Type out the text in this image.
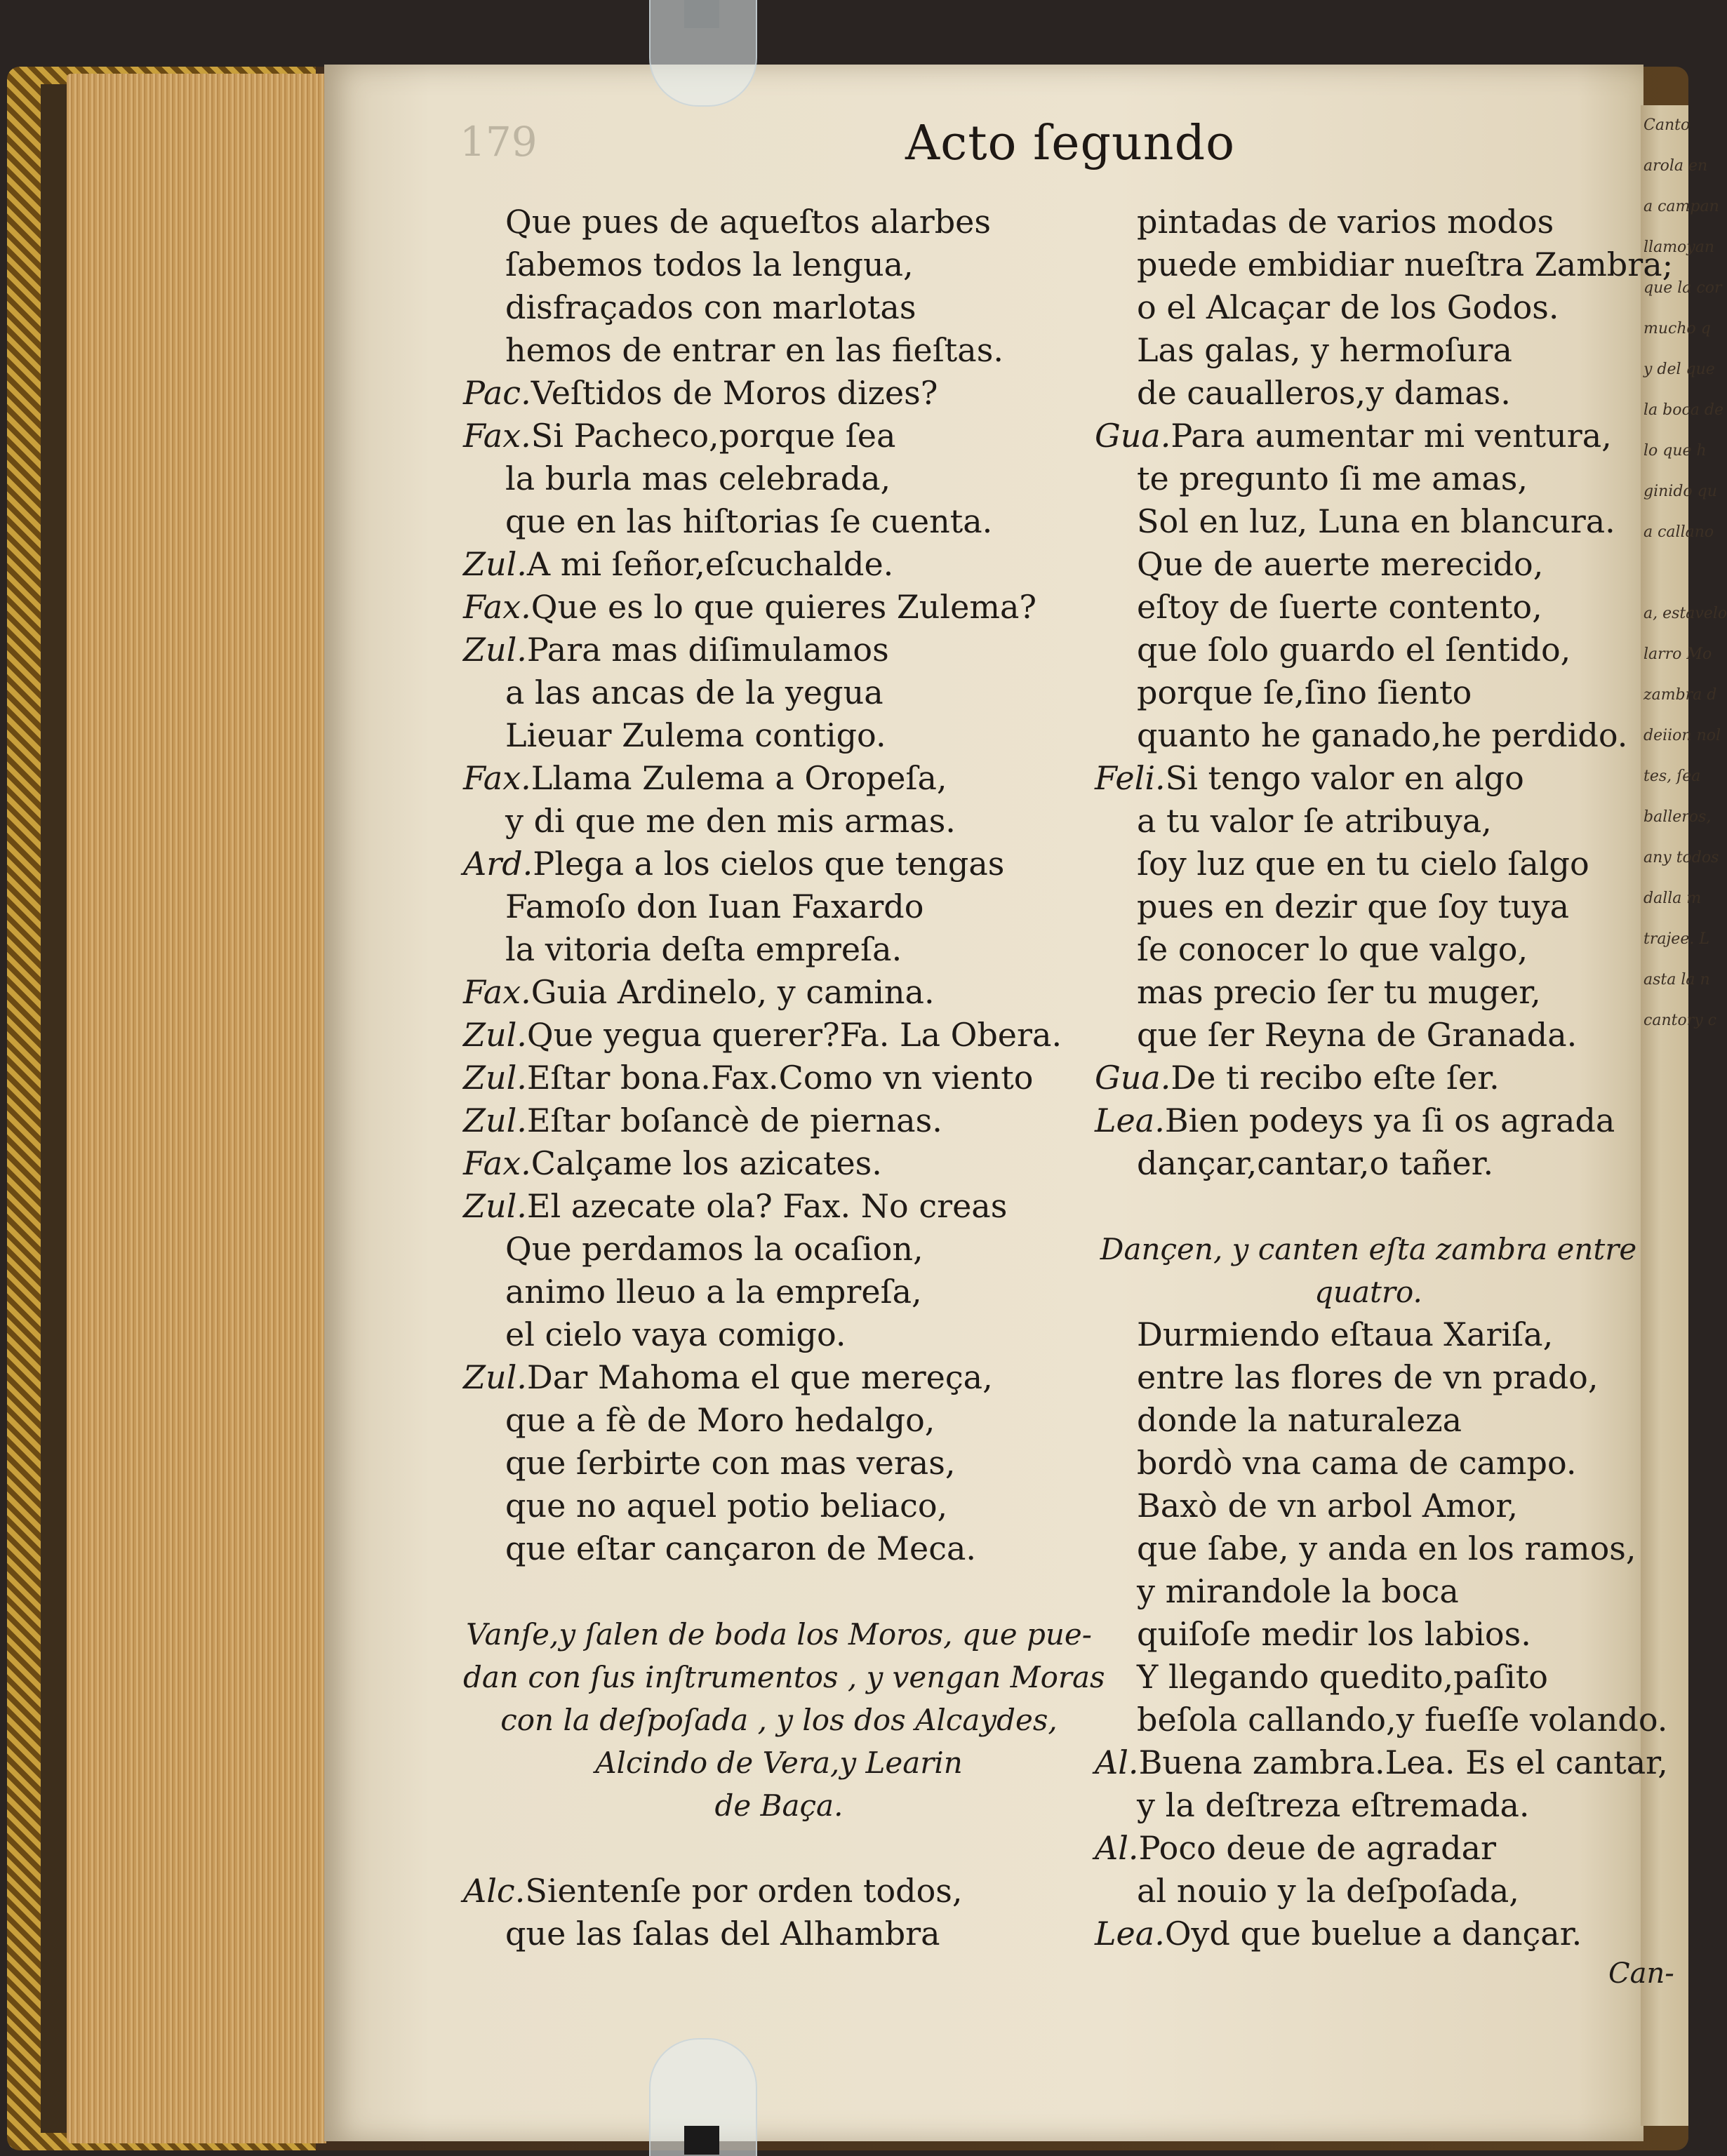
Canto
arola en
a campan
llamoyan
que la cor
mucho q
y del que
la boca de
lo que h
ginido qu
a callano

a, estavelo
larro Mo
zambra d
deiion nol
tes, ſea
balleros,
any todos
dalla m
trajee. L
asta la n
cantory c
179	Acto ſegundo
Que pues de aqueſtos alarbes
ſabemos todos la lengua,
disfraçados con marlotas
hemos de entrar en las fieſtas.
Pac.Veſtidos de Moros dizes?
Fax.Si Pacheco,porque ſea
la burla mas celebrada,
que en las hiſtorias ſe cuenta.
Zul.A mi ſeñor,eſcuchalde.
Fax.Que es lo que quieres Zulema?
Zul.Para mas diſimulamos
a las ancas de la yegua
Lieuar Zulema contigo.
Fax.Llama Zulema a Oropeſa,
y di que me den mis armas.
Ard.Plega a los cielos que tengas
Famoſo don Iuan Faxardo
la vitoria deſta empreſa.
Fax.Guia Ardinelo, y camina.
Zul.Que yegua querer?Fa. La Obera.
Zul.Eſtar bona.Fax.Como vn viento
Zul.Eſtar boſancè de piernas.
Fax.Calçame los azicates.
Zul.El azecate ola? Fax. No creas
Que perdamos la ocaſion,
animo lleuo a la empreſa,
el cielo vaya comigo.
Zul.Dar Mahoma el que mereça,
que a fè de Moro hedalgo,
que ſerbirte con mas veras,
que no aquel potio beliaco,
que eſtar cançaron de Meca.
Vanſe,y ſalen de boda los Moros, que pue-
dan con ſus inſtrumentos , y vengan Moras
con la deſpoſada , y los dos Alcaydes,
Alcindo de Vera,y Learin
de Baça.
Alc.Sientenſe por orden todos,
que las ſalas del Alhambra
pintadas de varios modos
puede embidiar nueſtra Zambra;
o el Alcaçar de los Godos.
Las galas, y hermoſura
de caualleros,y damas.
Gua.Para aumentar mi ventura,
te pregunto ſi me amas,
Sol en luz, Luna en blancura.
Que de auerte merecido,
eſtoy de ſuerte contento,
que ſolo guardo el ſentido,
porque ſe,ſino ſiento
quanto he ganado,he perdido.
Feli.Si tengo valor en algo
a tu valor ſe atribuya,
ſoy luz que en tu cielo ſalgo
pues en dezir que ſoy tuya
ſe conocer lo que valgo,
mas precio ſer tu muger,
que ſer Reyna de Granada.
Gua.De ti recibo eſte ſer.
Lea.Bien podeys ya ſi os agrada
dançar,cantar,o tañer.
Dançen, y canten eſta zambra entre
quatro.
Durmiendo eſtaua Xariſa,
entre las flores de vn prado,
donde la naturaleza
bordò vna cama de campo.
Baxò de vn arbol Amor,
que ſabe, y anda en los ramos,
y mirandole la boca
quiſoſe medir los labios.
Y llegando quedito,paſito
beſola callando,y fueſſe volando.
Al.Buena zambra.Lea. Es el cantar,
y la deſtreza eſtremada.
Al.Poco deue de agradar
al nouio y la deſpoſada,
Lea.Oyd que buelue a dançar.
Can-
